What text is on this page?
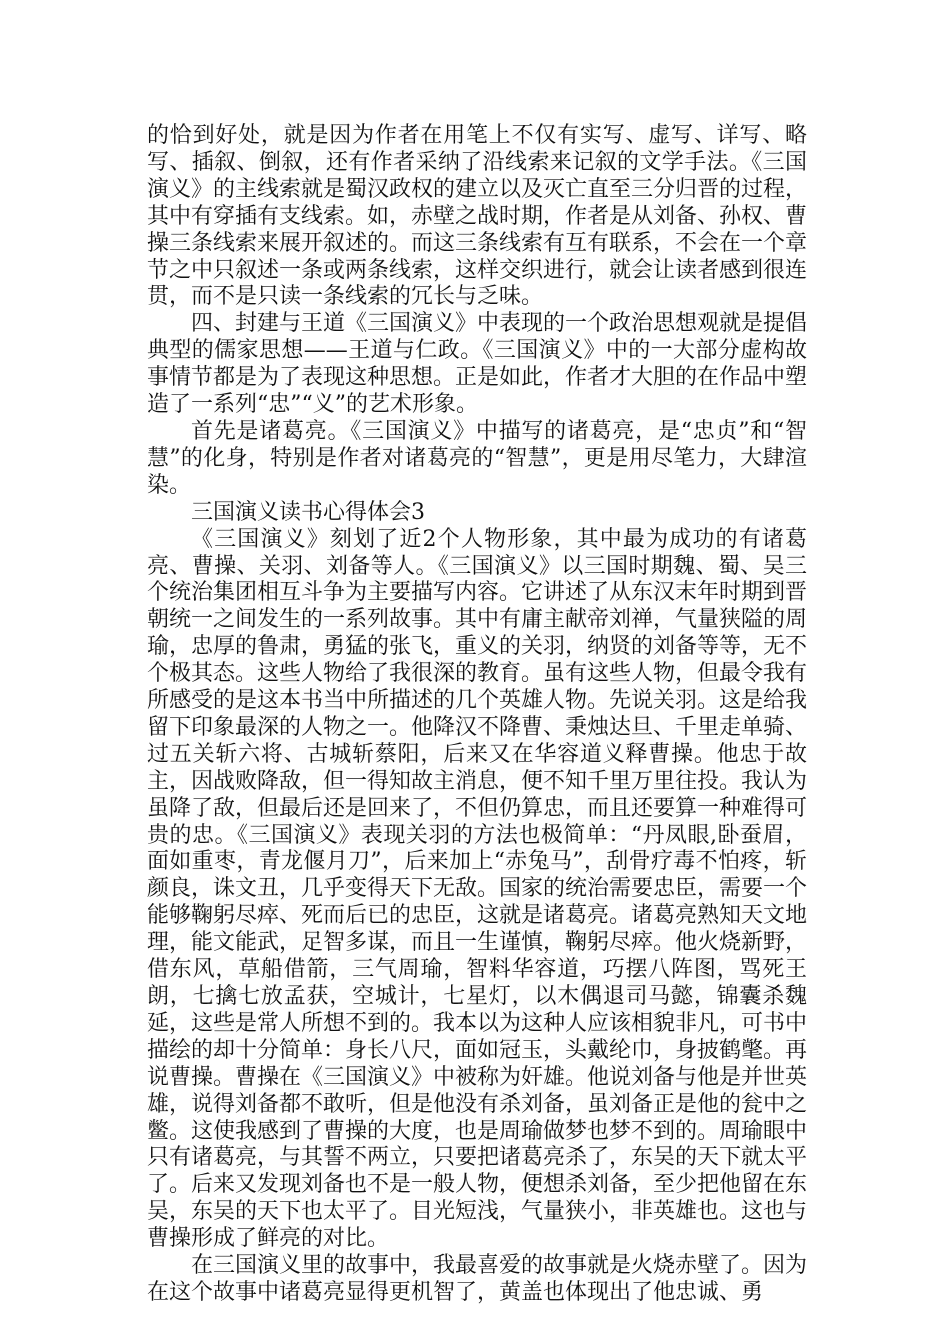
的恰到好处，就是因为作者在用笔上不仅有实写、虚写、详写、略写、插叙、倒叙，还有作者采纳了沿线索来记叙的文学手法。《三国演义》的主线索就是蜀汉政权的建立以及灭亡直至三分归晋的过程，其中有穿插有支线索。如，赤壁之战时期，作者是从刘备、孙权、曹操三条线索来展开叙述的。而这三条线索有互有联系，不会在一个章节之中只叙述一条或两条线索，这样交织进行，就会让读者感到很连贯，而不是只读一条线索的冗长与乏味。

四、封建与王道《三国演义》中表现的一个政治思想观就是提倡典型的儒家思想——王道与仁政。《三国演义》中的一大部分虚构故事情节都是为了表现这种思想。正是如此，作者才大胆的在作品中塑造了一系列“忠”“义”的艺术形象。

首先是诸葛亮。《三国演义》中描写的诸葛亮，是“忠贞”和“智慧”的化身，特别是作者对诸葛亮的“智慧”，更是用尽笔力，大肆渲染。

三国演义读书心得体会3

《三国演义》刻划了近2个人物形象，其中最为成功的有诸葛亮、曹操、关羽、刘备等人。《三国演义》以三国时期魏、蜀、吴三个统治集团相互斗争为主要描写内容。它讲述了从东汉末年时期到晋朝统一之间发生的一系列故事。其中有庸主献帝刘禅，气量狭隘的周瑜，忠厚的鲁肃，勇猛的张飞，重义的关羽，纳贤的刘备等等，无不个极其态。这些人物给了我很深的教育。虽有这些人物，但最令我有所感受的是这本书当中所描述的几个英雄人物。先说关羽。这是给我留下印象最深的人物之一。他降汉不降曹、秉烛达旦、千里走单骑、过五关斩六将、古城斩蔡阳，后来又在华容道义释曹操。他忠于故主，因战败降敌，但一得知故主消息，便不知千里万里往投。我认为虽降了敌，但最后还是回来了，不但仍算忠，而且还要算一种难得可贵的忠。《三国演义》表现关羽的方法也极简单：“丹凤眼,卧蚕眉，面如重枣，青龙偃月刀”，后来加上“赤兔马”，刮骨疗毒不怕疼，斩颜良，诛文丑，几乎变得天下无敌。国家的统治需要忠臣，需要一个能够鞠躬尽瘁、死而后已的忠臣，这就是诸葛亮。诸葛亮熟知天文地理，能文能武，足智多谋，而且一生谨慎，鞠躬尽瘁。他火烧新野，借东风，草船借箭，三气周瑜，智料华容道，巧摆八阵图，骂死王朗，七擒七放孟获，空城计，七星灯，以木偶退司马懿，锦囊杀魏延，这些是常人所想不到的。我本以为这种人应该相貌非凡，可书中描绘的却十分简单：身长八尺，面如冠玉，头戴纶巾，身披鹤氅。再说曹操。曹操在《三国演义》中被称为奸雄。他说刘备与他是并世英雄，说得刘备都不敢听，但是他没有杀刘备，虽刘备正是他的瓮中之鳖。这使我感到了曹操的大度，也是周瑜做梦也梦不到的。周瑜眼中只有诸葛亮，与其誓不两立，只要把诸葛亮杀了，东吴的天下就太平了。后来又发现刘备也不是一般人物，便想杀刘备，至少把他留在东吴，东吴的天下也太平了。目光短浅，气量狭小，非英雄也。这也与曹操形成了鲜亮的对比。

在三国演义里的故事中，我最喜爱的故事就是火烧赤壁了。因为在这个故事中诸葛亮显得更机智了，黄盖也体现出了他忠诚、勇
